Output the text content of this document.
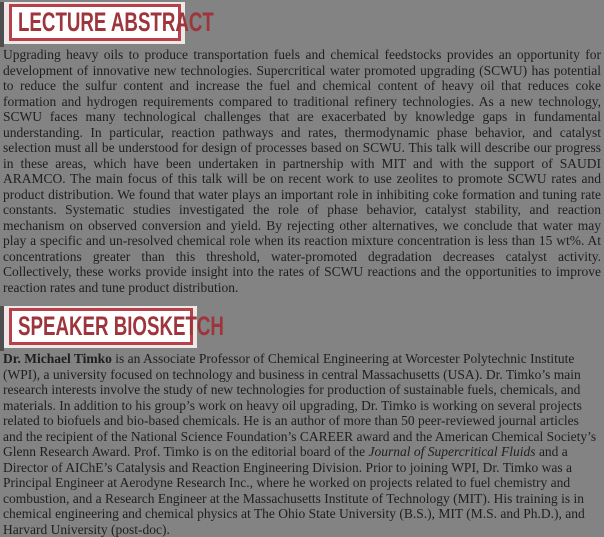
LECTURE ABSTRACT

Upgrading heavy oils to produce transportation fuels and chemical feedstocks provides an opportunity for development of innovative new technologies. Supercritical water promoted upgrading (SCWU) has potential to reduce the sulfur content and increase the fuel and chemical content of heavy oil that reduces coke formation and hydrogen requirements compared to traditional refinery technologies. As a new technology, SCWU faces many technological challenges that are exacerbated by knowledge gaps in fundamental understanding. In particular, reaction pathways and rates, thermodynamic phase behavior, and catalyst selection must all be understood for design of processes based on SCWU. This talk will describe our progress in these areas, which have been undertaken in partnership with MIT and with the support of SAUDI ARAMCO. The main focus of this talk will be on recent work to use zeolites to promote SCWU rates and product distribution. We found that water plays an important role in inhibiting coke formation and tuning rate constants. Systematic studies investigated the role of phase behavior, catalyst stability, and reaction mechanism on observed conversion and yield. By rejecting other alternatives, we conclude that water may play a specific and un-resolved chemical role when its reaction mixture concentration is less than 15 wt%. At concentrations greater than this threshold, water-promoted degradation decreases catalyst activity. Collectively, these works provide insight into the rates of SCWU reactions and the opportunities to improve reaction rates and tune product distribution.

SPEAKER BIOSKETCH

Dr. Michael Timko is an Associate Professor of Chemical Engineering at Worcester Polytechnic Institute (WPI), a university focused on technology and business in central Massachusetts (USA). Dr. Timko’s main research interests involve the study of new technologies for production of sustainable fuels, chemicals, and materials. In addition to his group’s work on heavy oil upgrading, Dr. Timko is working on several projects related to biofuels and bio-based chemicals. He is an author of more than 50 peer-reviewed journal articles and the recipient of the National Science Foundation’s CAREER award and the American Chemical Society’s Glenn Research Award. Prof. Timko is on the editorial board of the Journal of Supercritical Fluids and a Director of AIChE’s Catalysis and Reaction Engineering Division. Prior to joining WPI, Dr. Timko was a Principal Engineer at Aerodyne Research Inc., where he worked on projects related to fuel chemistry and combustion, and a Research Engineer at the Massachusetts Institute of Technology (MIT). His training is in chemical engineering and chemical physics at The Ohio State University (B.S.), MIT (M.S. and Ph.D.), and Harvard University (post-doc).
